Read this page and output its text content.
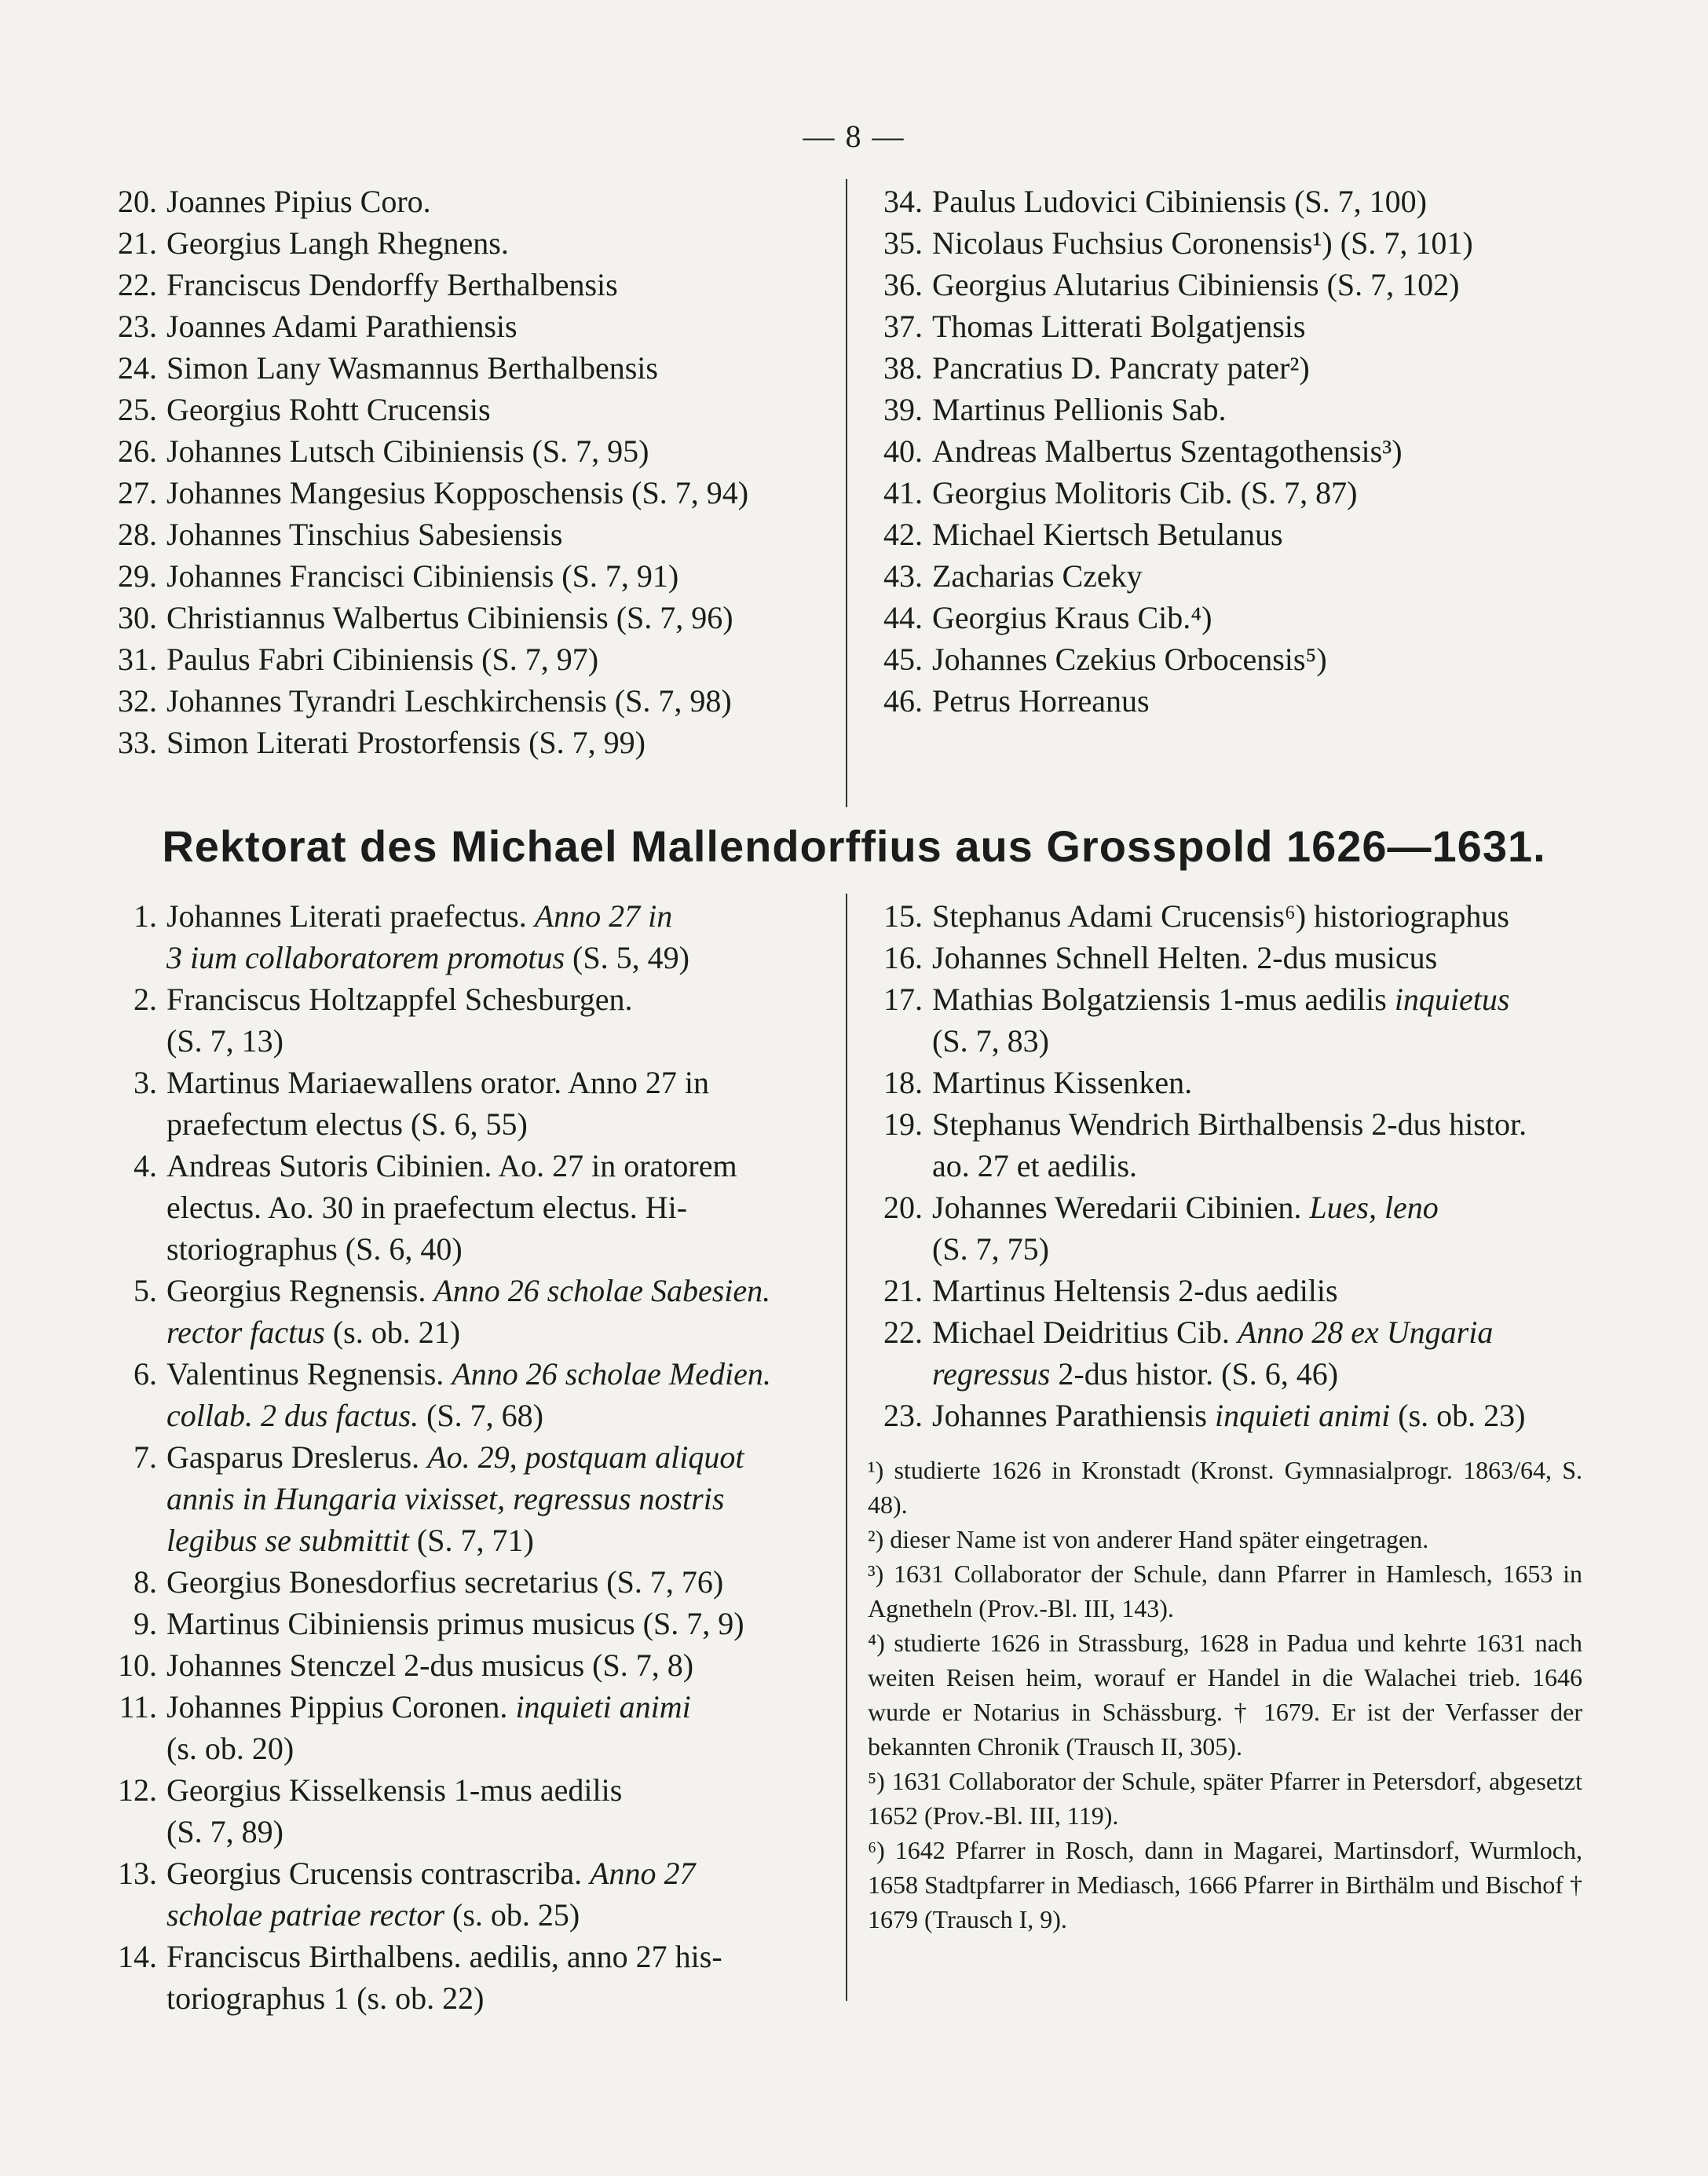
— 8 —
20. Joannes Pipius Coro.
21. Georgius Langh Rhegnens.
22. Franciscus Dendorffy Berthalbensis
23. Joannes Adami Parathiensis
24. Simon Lany Wasmannus Berthalbensis
25. Georgius Rohtt Crucensis
26. Johannes Lutsch Cibiniensis (S. 7, 95)
27. Johannes Mangesius Kopposchensis (S. 7, 94)
28. Johannes Tinschius Sabesiensis
29. Johannes Francisci Cibiniensis (S. 7, 91)
30. Christiannus Walbertus Cibiniensis (S. 7, 96)
31. Paulus Fabri Cibiniensis (S. 7, 97)
32. Johannes Tyrandri Leschkirchensis (S. 7, 98)
33. Simon Literati Prostorfensis (S. 7, 99)
34. Paulus Ludovici Cibiniensis (S. 7, 100)
35. Nicolaus Fuchsius Coronensis¹) (S. 7, 101)
36. Georgius Alutarius Cibiniensis (S. 7, 102)
37. Thomas Litterati Bolgatjensis
38. Pancratius D. Pancraty pater²)
39. Martinus Pellionis Sab.
40. Andreas Malbertus Szentagothensis³)
41. Georgius Molitoris Cib. (S. 7, 87)
42. Michael Kiertsch Betulanus
43. Zacharias Czeky
44. Georgius Kraus Cib.⁴)
45. Johannes Czekius Orbocensis⁵)
46. Petrus Horreanus
Rektorat des Michael Mallendorffius aus Grosspold 1626—1631.
1. Johannes Literati praefectus. Anno 27 in
3 ium collaboratorem promotus (S. 5, 49)
2. Franciscus Holtzappfel Schesburgen.
(S. 7, 13)
3. Martinus Mariaewallens orator. Anno 27 in
praefectum electus (S. 6, 55)
4. Andreas Sutoris Cibinien. Ao. 27 in oratorem
electus. Ao. 30 in praefectum electus. Hi-
storiographus (S. 6, 40)
5. Georgius Regnensis. Anno 26 scholae Sabesien.
rector factus (s. ob. 21)
6. Valentinus Regnensis. Anno 26 scholae Medien.
collab. 2 dus factus. (S. 7, 68)
7. Gasparus Dreslerus. Ao. 29, postquam aliquot
annis in Hungaria vixisset, regressus nostris
legibus se submittit (S. 7, 71)
8. Georgius Bonesdorfius secretarius (S. 7, 76)
9. Martinus Cibiniensis primus musicus (S. 7, 9)
10. Johannes Stenczel 2-dus musicus (S. 7, 8)
11. Johannes Pippius Coronen. inquieti animi
(s. ob. 20)
12. Georgius Kisselkensis 1-mus aedilis
(S. 7, 89)
13. Georgius Crucensis contrascriba. Anno 27
scholae patriae rector (s. ob. 25)
14. Franciscus Birthalbens. aedilis, anno 27 his-
toriographus 1 (s. ob. 22)
15. Stephanus Adami Crucensis⁶) historiographus
16. Johannes Schnell Helten. 2-dus musicus
17. Mathias Bolgatziensis 1-mus aedilis inquietus
(S. 7, 83)
18. Martinus Kissenken.
19. Stephanus Wendrich Birthalbensis 2-dus histor.
ao. 27 et aedilis.
20. Johannes Weredarii Cibinien. Lues, leno
(S. 7, 75)
21. Martinus Heltensis 2-dus aedilis
22. Michael Deidritius Cib. Anno 28 ex Ungaria
regressus 2-dus histor. (S. 6, 46)
23. Johannes Parathiensis inquieti animi (s. ob. 23)

¹) studierte 1626 in Kronstadt (Kronst. Gymnasialprogr. 1863/64, S. 48).

²) dieser Name ist von anderer Hand später eingetragen.

³) 1631 Collaborator der Schule, dann Pfarrer in Hamlesch, 1653 in Agnetheln (Prov.-Bl. III, 143).

⁴) studierte 1626 in Strassburg, 1628 in Padua und kehrte 1631 nach weiten Reisen heim, worauf er Handel in die Walachei trieb. 1646 wurde er Notarius in Schässburg. † 1679. Er ist der Verfasser der bekannten Chronik (Trausch II, 305).

⁵) 1631 Collaborator der Schule, später Pfarrer in Petersdorf, abgesetzt 1652 (Prov.-Bl. III, 119).

⁶) 1642 Pfarrer in Rosch, dann in Magarei, Martinsdorf, Wurmloch, 1658 Stadtpfarrer in Mediasch, 1666 Pfarrer in Birthälm und Bischof † 1679 (Trausch I, 9).
